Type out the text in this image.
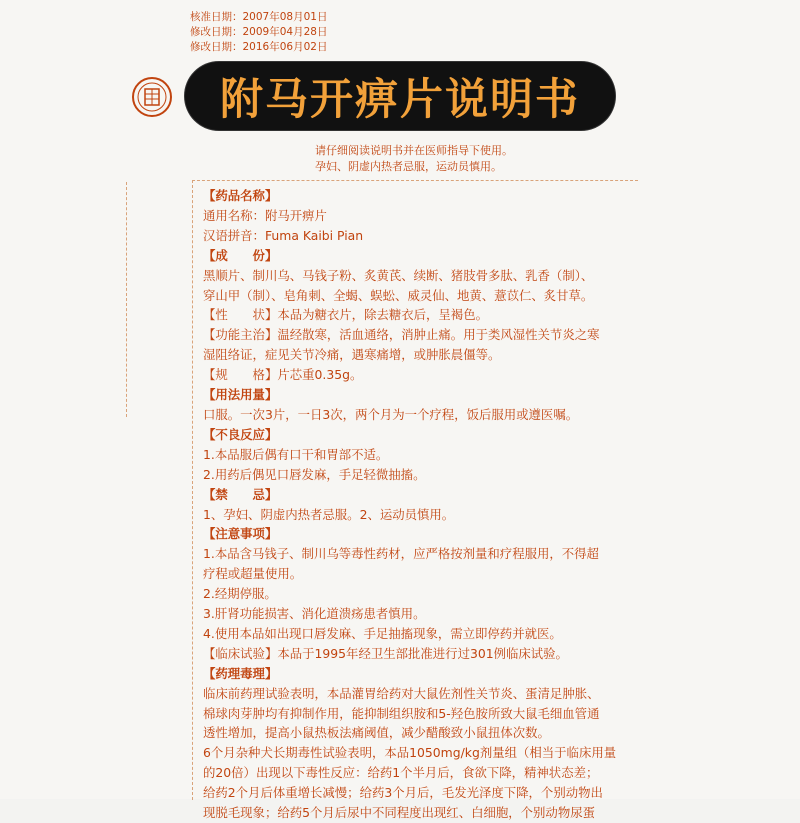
核准日期：2007年08月01日
修改日期：2009年04月28日
修改日期：2016年06月02日
附马开痹片说明书
请仔细阅读说明书并在医师指导下使用。
孕妇、阴虚内热者忌服，运动员慎用。
【药品名称】
通用名称：附马开痹片
汉语拼音：Fuma Kaibi Pian
【成　　份】
黑顺片、制川乌、马钱子粉、炙黄芪、续断、猪肢骨多肽、乳香（制）、
穿山甲（制）、皂角刺、全蝎、蜈蚣、威灵仙、地黄、薏苡仁、炙甘草。
【性　　状】本品为糖衣片，除去糖衣后，呈褐色。
【功能主治】温经散寒，活血通络，消肿止痛。用于类风湿性关节炎之寒
湿阻络证，症见关节冷痛，遇寒痛增，或肿胀晨僵等。
【规　　格】片芯重0.35g。
【用法用量】
口服。一次3片，一日3次，两个月为一个疗程，饭后服用或遵医嘱。
【不良反应】
1.本品服后偶有口干和胃部不适。
2.用药后偶见口唇发麻，手足轻微抽搐。
【禁　　忌】
1、孕妇、阴虚内热者忌服。2、运动员慎用。
【注意事项】
1.本品含马钱子、制川乌等毒性药材，应严格按剂量和疗程服用，不得超
疗程或超量使用。
2.经期停服。
3.肝肾功能损害、消化道溃疡患者慎用。
4.使用本品如出现口唇发麻、手足抽搐现象，需立即停药并就医。
【临床试验】本品于1995年经卫生部批准进行过301例临床试验。
【药理毒理】
临床前药理试验表明，本品灌胃给药对大鼠佐剂性关节炎、蛋清足肿胀、
棉球肉芽肿均有抑制作用，能抑制组织胺和5-羟色胺所致大鼠毛细血管通
透性增加，提高小鼠热板法痛阈值，减少醋酸致小鼠扭体次数。
6个月杂种犬长期毒性试验表明，本品1050mg/kg剂量组（相当于临床用量
的20倍）出现以下毒性反应：给药1个半月后，食欲下降，精神状态差；
给药2个月后体重增长减慢；给药3个月后，毛发光泽度下降，个别动物出
现脱毛现象；给药5个月后尿中不同程度出现红、白细胞，个别动物尿蛋
